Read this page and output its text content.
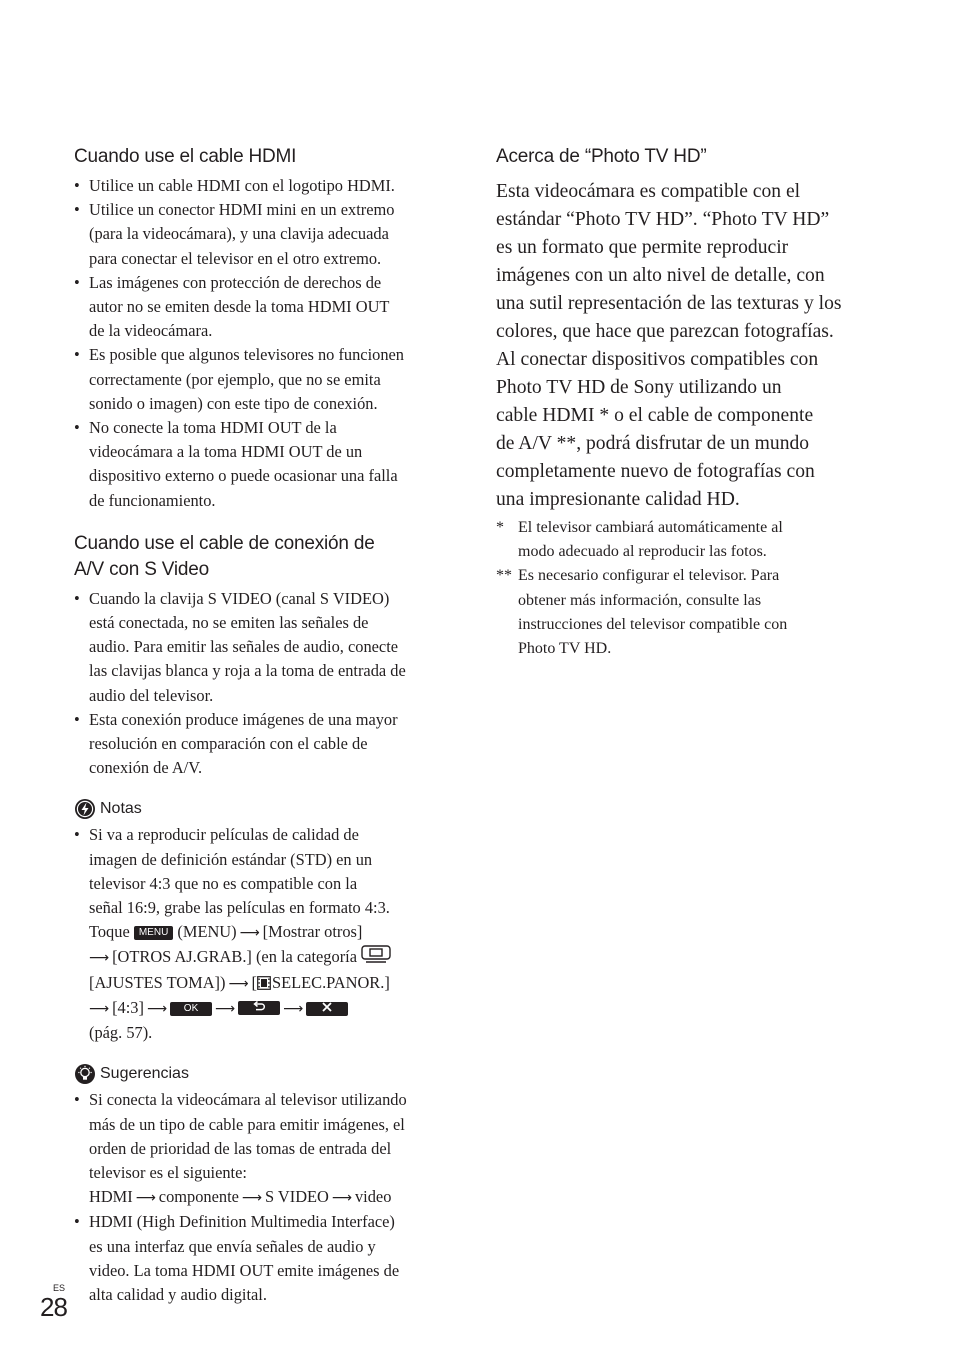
Cuando use el cable HDMI
• Utilice un cable HDMI con el logotipo HDMI.
• Utilice un conector HDMI mini en un extremo
(para la videocámara), y una clavija adecuada
para conectar el televisor en el otro extremo.
• Las imágenes con protección de derechos de
autor no se emiten desde la toma HDMI OUT
de la videocámara.
• Es posible que algunos televisores no funcionen
correctamente (por ejemplo, que no se emita
sonido o imagen) con este tipo de conexión.
• No conecte la toma HDMI OUT de la
videocámara a la toma HDMI OUT de un
dispositivo externo o puede ocasionar una falla
de funcionamiento.
Cuando use el cable de conexión de
A/V con S Video
• Cuando la clavija S VIDEO (canal S VIDEO)
está conectada, no se emiten las señales de
audio. Para emitir las señales de audio, conecte
las clavijas blanca y roja a la toma de entrada de
audio del televisor.
• Esta conexión produce imágenes de una mayor
resolución en comparación con el cable de
conexión de A/V.
Notas
• Si va a reproducir películas de calidad de
imagen de definición estándar (STD) en un
televisor 4:3 que no es compatible con la
señal 16:9, grabe las películas en formato 4:3.
Toque MENU (MENU) ⟶ [Mostrar otros]
⟶ [OTROS AJ.GRAB.] (en la categoría
[AJUSTES TOMA]) ⟶ [ SELEC.PANOR.]
⟶ [4:3] ⟶ OK ⟶	⟶
(pág. 57).
Sugerencias
• Si conecta la videocámara al televisor utilizando
más de un tipo de cable para emitir imágenes, el
orden de prioridad de las tomas de entrada del
televisor es el siguiente:
HDMI ⟶ componente ⟶ S VIDEO ⟶ video
• HDMI (High Definition Multimedia Interface)
es una interfaz que envía señales de audio y
video. La toma HDMI OUT emite imágenes de
alta calidad y audio digital.
Acerca de “Photo TV HD”

Esta videocámara es compatible con el
estándar “Photo TV HD”. “Photo TV HD”
es un formato que permite reproducir
imágenes con un alto nivel de detalle, con
una sutil representación de las texturas y los
colores, que hace que parezcan fotografías.
Al conectar dispositivos compatibles con
Photo TV HD de Sony utilizando un
cable HDMI * o el cable de componente
de A/V **, podrá disfrutar de un mundo
completamente nuevo de fotografías con
una impresionante calidad HD.

* El televisor cambiará automáticamente al
modo adecuado al reproducir las fotos.
** Es necesario configurar el televisor. Para
obtener más información, consulte las
instrucciones del televisor compatible con
Photo TV HD.
ES
28
